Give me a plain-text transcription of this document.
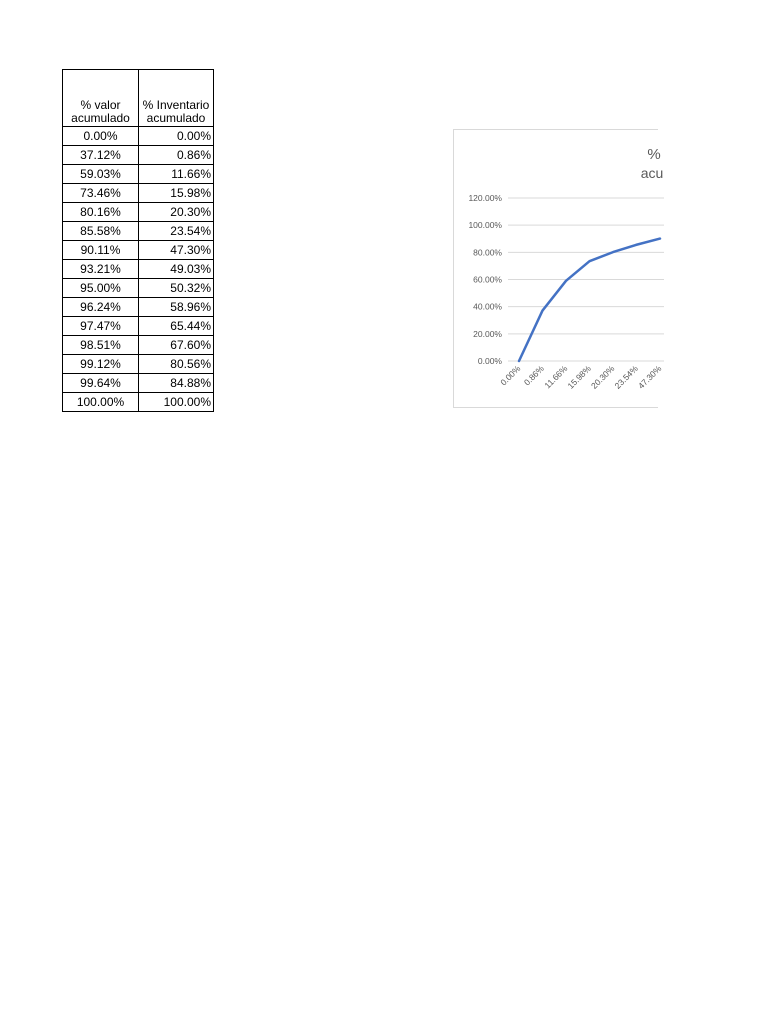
% valor
acumulado	% Inventario
acumulado
0.00%	0.00%
37.12%	0.86%
59.03%	11.66%
73.46%	15.98%
80.16%	20.30%
85.58%	23.54%
90.11%	47.30%
93.21%	49.03%
95.00%	50.32%
96.24%	58.96%
97.47%	65.44%
98.51%	67.60%
99.12%	80.56%
99.64%	84.88%
100.00%	100.00%
%
acu
0.00%
20.00%
40.00%
60.00%
80.00%
100.00%
120.00%
0.00% 0.86%
11.66%
15.98%
20.30%
23.54%
47.30%
